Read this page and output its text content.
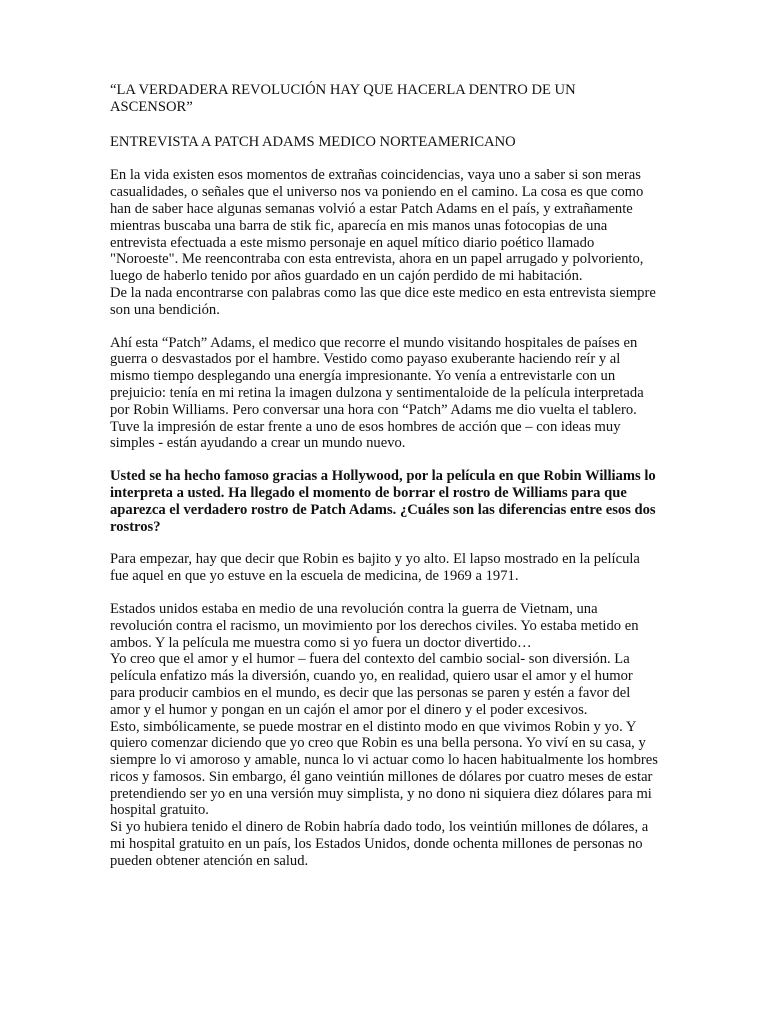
“LA VERDADERA REVOLUCIÓN HAY QUE HACERLA DENTRO DE UN ASCENSOR”

ENTREVISTA A PATCH ADAMS MEDICO NORTEAMERICANO

En la vida existen esos momentos de extrañas coincidencias, vaya uno a saber si son meras casualidades, o señales que el universo nos va poniendo en el camino. La cosa es que como han de saber hace algunas semanas volvió a estar Patch Adams en el país, y extrañamente mientras buscaba una barra de stik fic, aparecía en mis manos unas fotocopias de una entrevista efectuada a este mismo personaje en aquel mítico diario poético llamado "Noroeste". Me reencontraba con esta entrevista, ahora en un papel arrugado y polvoriento, luego de haberlo tenido por años guardado en un cajón perdido de mi habitación.

De la nada encontrarse con palabras como las que dice este medico en esta entrevista siempre son una bendición.

Ahí esta “Patch” Adams, el medico que recorre el mundo visitando hospitales de países en guerra o desvastados por el hambre. Vestido como payaso exuberante haciendo reír y al mismo tiempo desplegando una energía impresionante. Yo venía a entrevistarle con un prejuicio: tenía en mi retina la imagen dulzona y sentimentaloide de la película interpretada por Robin Williams. Pero conversar una hora con “Patch” Adams me dio vuelta el tablero. Tuve la impresión de estar frente a uno de esos hombres de acción que – con ideas muy simples - están ayudando a crear un mundo nuevo.

Usted se ha hecho famoso gracias a Hollywood, por la película en que Robin Williams lo interpreta a usted. Ha llegado el momento de borrar el rostro de Williams para que aparezca el verdadero rostro de Patch Adams. ¿Cuáles son las diferencias entre esos dos rostros?

Para empezar, hay que decir que Robin es bajito y yo alto. El lapso mostrado en la película fue aquel en que yo estuve en la escuela de medicina, de 1969 a 1971.

Estados unidos estaba en medio de una revolución contra la guerra de Vietnam, una revolución contra el racismo, un movimiento por los derechos civiles. Yo estaba metido en ambos. Y la película me muestra como si yo fuera un doctor divertido…

Yo creo que el amor y el humor – fuera del contexto del cambio social- son diversión. La película enfatizo más la diversión, cuando yo, en realidad, quiero usar el amor y el humor para producir cambios en el mundo, es decir que las personas se paren y estén a favor del amor y el humor y pongan en un cajón el amor por el dinero y el poder excesivos.

Esto, simbólicamente, se puede mostrar en el distinto modo en que vivimos Robin y yo. Y quiero comenzar diciendo que yo creo que Robin es una bella persona. Yo viví en su casa, y siempre lo vi amoroso y amable, nunca lo vi actuar como lo hacen habitualmente los hombres ricos y famosos. Sin embargo, él gano veintiún millones de dólares por cuatro meses de estar pretendiendo ser yo en una versión muy simplista, y no dono ni siquiera diez dólares para mi hospital gratuito.

Si yo hubiera tenido el dinero de Robin habría dado todo, los veintiún millones de dólares, a mi hospital gratuito en un país, los Estados Unidos, donde ochenta millones de personas no pueden obtener atención en salud.
